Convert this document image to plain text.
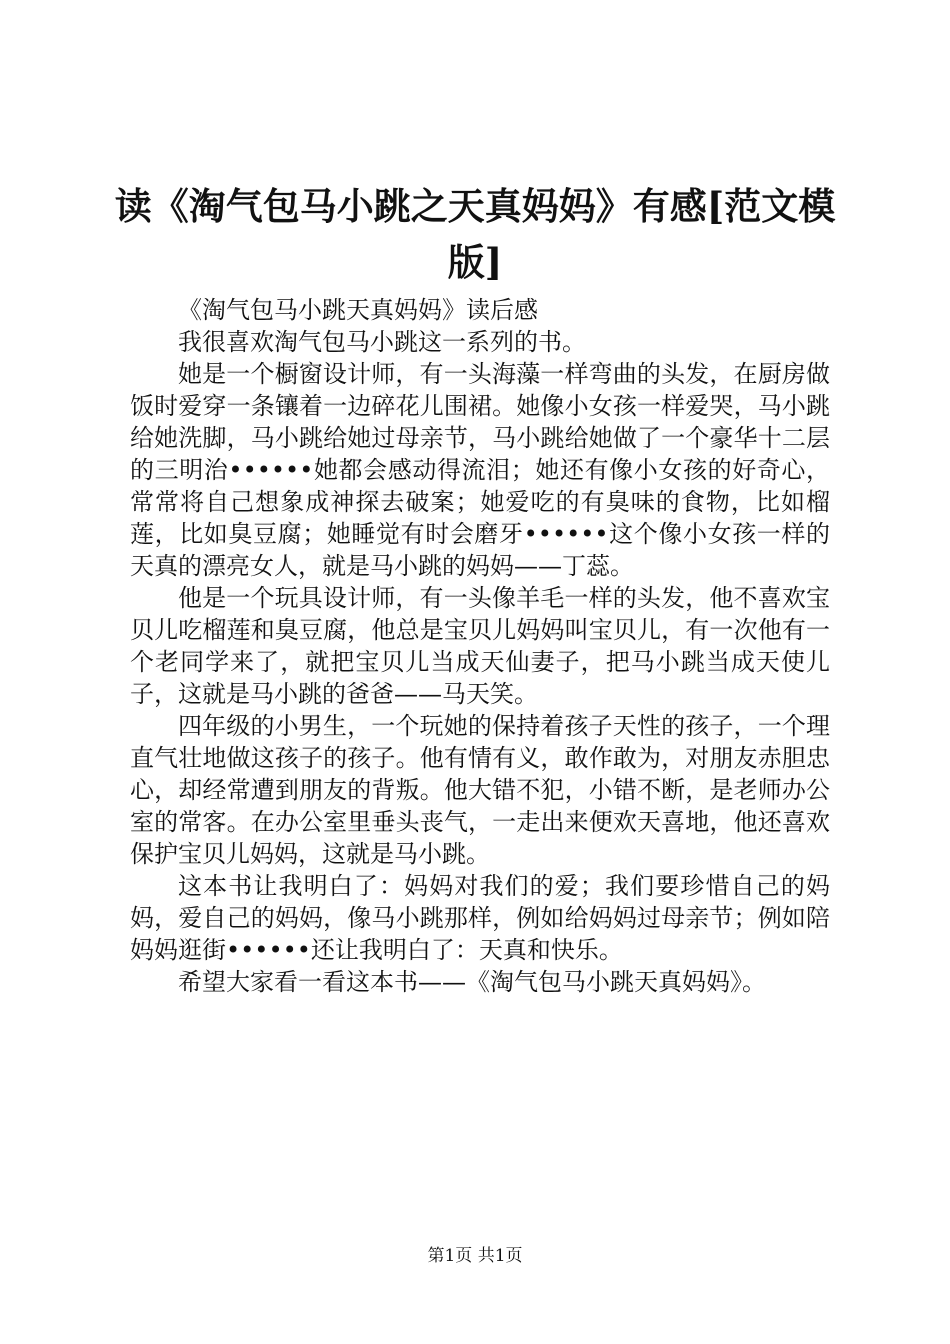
读《淘气包马小跳之天真妈妈》有感[范文模版]

《淘气包马小跳天真妈妈》读后感

我很喜欢淘气包马小跳这一系列的书。

她是一个橱窗设计师，有一头海藻一样弯曲的头发，在厨房做饭时爱穿一条镶着一边碎花儿围裙。她像小女孩一样爱哭，马小跳给她洗脚，马小跳给她过母亲节，马小跳给她做了一个豪华十二层的三明治••••••她都会感动得流泪；她还有像小女孩的好奇心，常常将自己想象成神探去破案；她爱吃的有臭味的食物，比如榴莲，比如臭豆腐；她睡觉有时会磨牙••••••这个像小女孩一样的天真的漂亮女人，就是马小跳的妈妈——丁蕊。

他是一个玩具设计师，有一头像羊毛一样的头发，他不喜欢宝贝儿吃榴莲和臭豆腐，他总是宝贝儿妈妈叫宝贝儿，有一次他有一个老同学来了，就把宝贝儿当成天仙妻子，把马小跳当成天使儿子，这就是马小跳的爸爸——马天笑。

四年级的小男生，一个玩她的保持着孩子天性的孩子，一个理直气壮地做这孩子的孩子。他有情有义，敢作敢为，对朋友赤胆忠心，却经常遭到朋友的背叛。他大错不犯，小错不断，是老师办公室的常客。在办公室里垂头丧气，一走出来便欢天喜地，他还喜欢保护宝贝儿妈妈，这就是马小跳。

这本书让我明白了：妈妈对我们的爱；我们要珍惜自己的妈妈，爱自己的妈妈，像马小跳那样，例如给妈妈过母亲节；例如陪妈妈逛街••••••还让我明白了：天真和快乐。

希望大家看一看这本书——《淘气包马小跳天真妈妈》。

第1页 共1页
